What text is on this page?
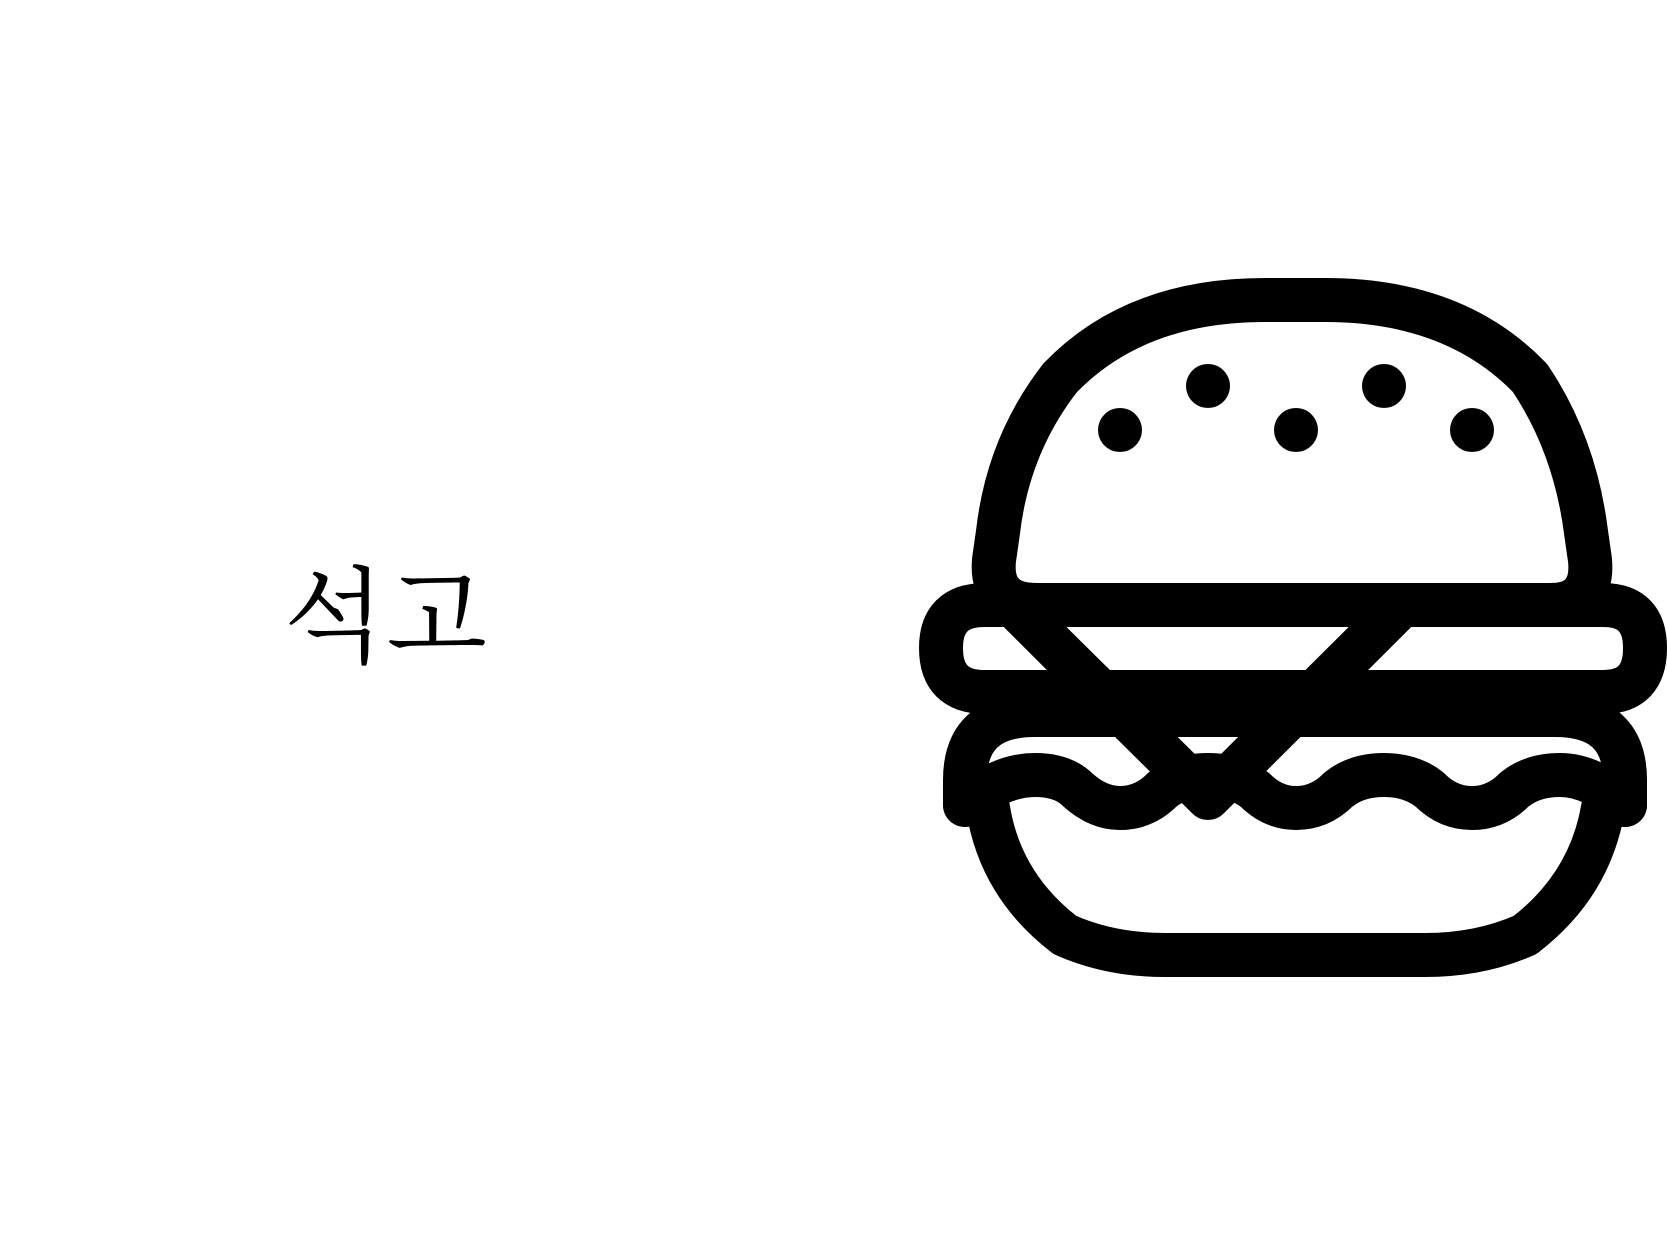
석고
